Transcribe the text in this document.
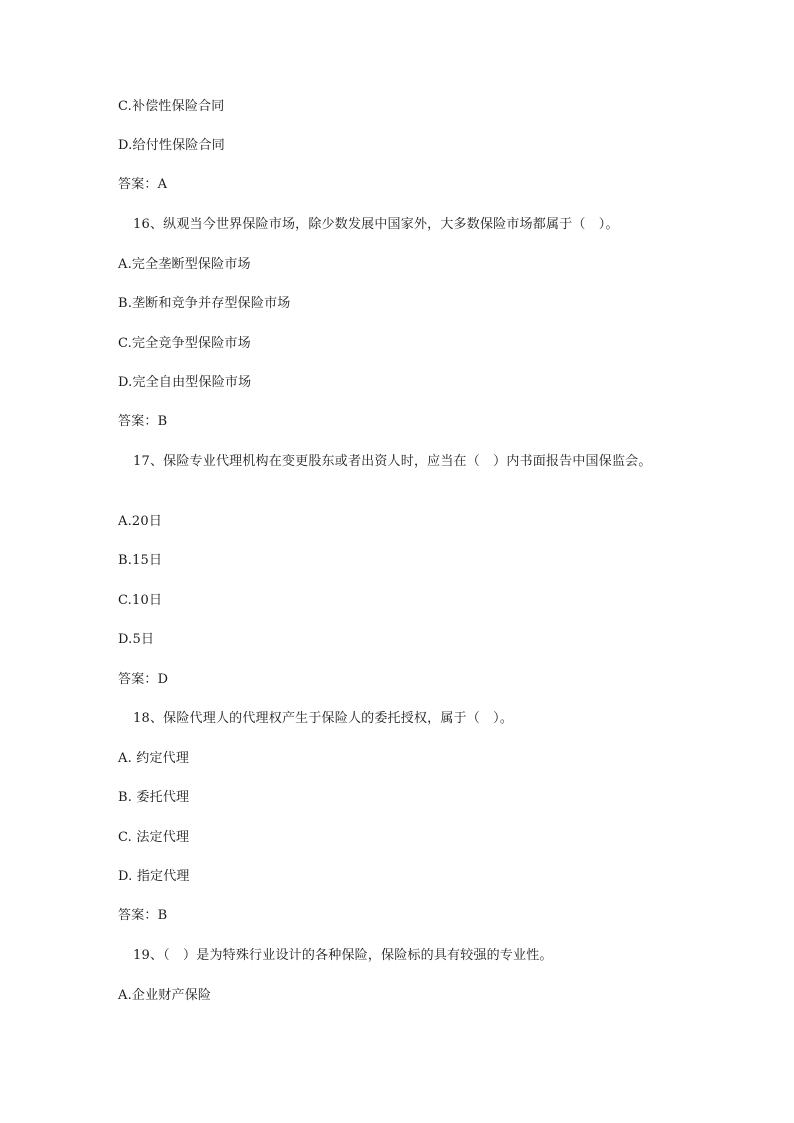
C.补偿性保险合同
D.给付性保险合同
答案：A
16、纵观当今世界保险市场，除少数发展中国家外，大多数保险市场都属于（　）。
A.完全垄断型保险市场
B.垄断和竞争并存型保险市场
C.完全竞争型保险市场
D.完全自由型保险市场
答案：B
17、保险专业代理机构在变更股东或者出资人时，应当在（　）内书面报告中国保监会。
A.20日
B.15日
C.10日
D.5日
答案：D
18、保险代理人的代理权产生于保险人的委托授权，属于（　）。
A. 约定代理
B. 委托代理
C. 法定代理
D. 指定代理
答案：B
19、（　）是为特殊行业设计的各种保险，保险标的具有较强的专业性。
A.企业财产保险
